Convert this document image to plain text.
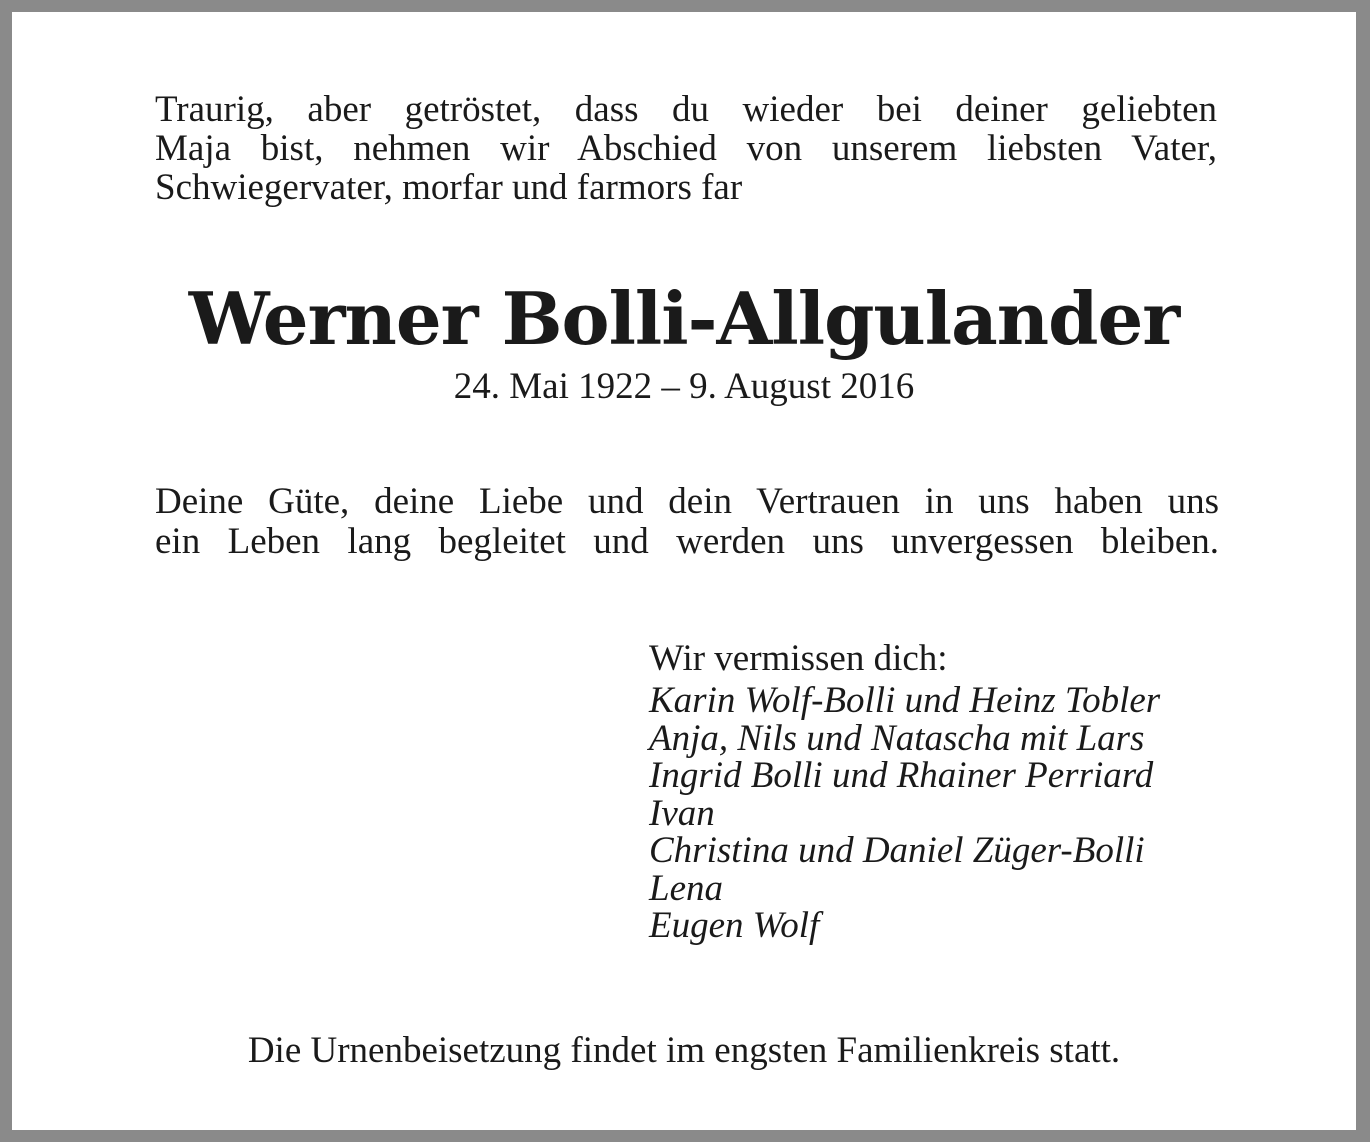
Traurig, aber getröstet, dass du wieder bei deiner geliebten
Maja bist, nehmen wir Abschied von unserem liebsten Vater,
Schwiegervater, morfar und farmors far
Werner Bolli-Allgulander
24. Mai 1922 – 9. August 2016
Deine Güte, deine Liebe und dein Vertrauen in uns haben uns
ein Leben lang begleitet und werden uns unvergessen bleiben.
Wir vermissen dich:
Karin Wolf-Bolli und Heinz Tobler
Anja, Nils und Natascha mit Lars
Ingrid Bolli und Rhainer Perriard
Ivan
Christina und Daniel Züger-Bolli
Lena
Eugen Wolf
Die Urnenbeisetzung findet im engsten Familienkreis statt.
